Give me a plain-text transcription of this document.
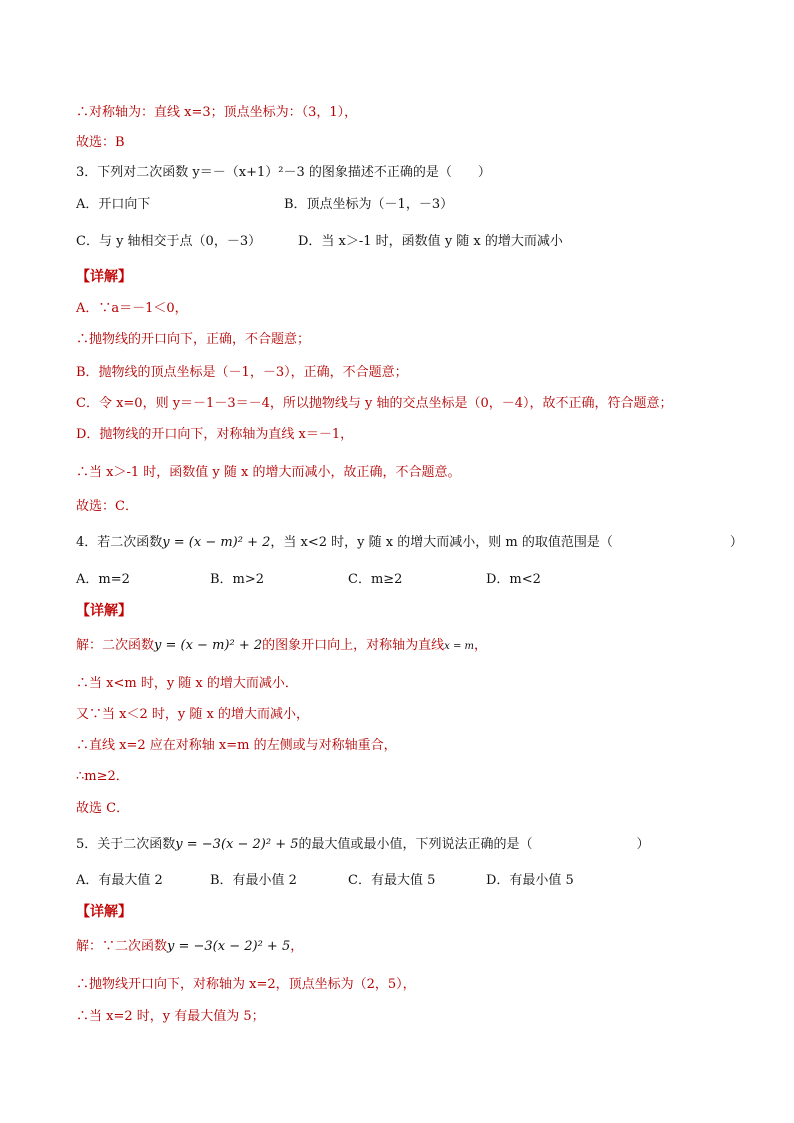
∴对称轴为：直线 x=3；顶点坐标为：（3，1），
故选：B
3．下列对二次函数 y＝－（x+1）²－3 的图象描述不正确的是（　　）
A．开口向下	B．顶点坐标为（－1，－3）
C．与 y 轴相交于点（0，－3）	D．当 x＞-1 时，函数值 y 随 x 的增大而减小
【详解】
A．∵a＝－1＜0，
∴抛物线的开口向下，正确，不合题意；
B．抛物线的顶点坐标是（－1，－3），正确，不合题意；
C．令 x=0，则 y＝－1－3＝－4，所以抛物线与 y 轴的交点坐标是（0，－4），故不正确，符合题意；
D．抛物线的开口向下，对称轴为直线 x＝－1，
∴当 x＞-1 时，函数值 y 随 x 的增大而减小，故正确，不合题意。
故选：C．
4．若二次函数y = (x − m)² + 2，当 x<2 时，y 随 x 的增大而减小，则 m 的取值范围是（　　　　　　　　　）
A．m=2	B．m>2	C．m≥2	D．m<2
【详解】
解：二次函数y = (x − m)² + 2的图象开口向上，对称轴为直线x = m，
∴当 x<m 时，y 随 x 的增大而减小．
又∵当 x＜2 时，y 随 x 的增大而减小，
∴直线 x=2 应在对称轴 x=m 的左侧或与对称轴重合，
∴m≥2．
故选 C．
5．关于二次函数y = −3(x − 2)² + 5的最大值或最小值，下列说法正确的是（　　　　　　　　）
A．有最大值 2	B．有最小值 2	C．有最大值 5	D．有最小值 5
【详解】
解：∵二次函数y = −3(x − 2)² + 5，
∴抛物线开口向下，对称轴为 x=2，顶点坐标为（2，5），
∴当 x=2 时，y 有最大值为 5；
